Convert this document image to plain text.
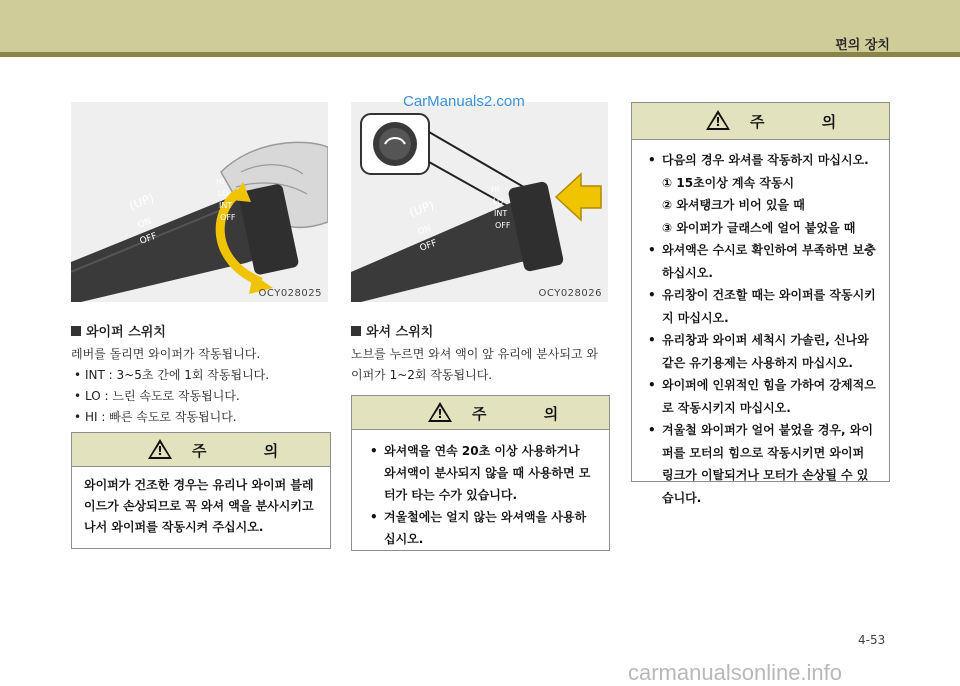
편의 장치
(UP)
ON
OFF
HI
LO
INT
OFF
OCY028025
(UP)
ON
OFF
HI
LO
INT
OFF
OCY028026
CarManuals2.com
와이퍼 스위치
레버를 돌리면 와이퍼가 작동됩니다.
• INT : 3~5초 간에 1회 작동됩니다.
• LO : 느린 속도로 작동됩니다.
• HI : 빠른 속도로 작동됩니다.
!	주 의
와이퍼가 건조한 경우는 유리나 와이퍼 블레이드가 손상되므로 꼭 와셔 액을 분사시키고 나서 와이퍼를 작동시켜 주십시오.
와셔 스위치
노브를 누르면 와셔 액이 앞 유리에 분사되고 와이퍼가 1~2회 작동됩니다.
!	주 의
• 와셔액을 연속 20초 이상 사용하거나 와셔액이 분사되지 않을 때 사용하면 모터가 타는 수가 있습니다.
• 겨울철에는 얼지 않는 와셔액을 사용하십시오.
!	주 의
• 다음의 경우 와셔를 작동하지 마십시오.
① 15초이상 계속 작동시
② 와셔탱크가 비어 있을 때
③ 와이퍼가 글래스에 얼어 붙었을 때
• 와셔액은 수시로 확인하여 부족하면 보충하십시오.
• 유리창이 건조할 때는 와이퍼를 작동시키지 마십시오.
• 유리창과 와이퍼 세척시 가솔린, 신나와 같은 유기용제는 사용하지 마십시오.
• 와이퍼에 인위적인 힘을 가하여 강제적으로 작동시키지 마십시오.
• 겨울철 와이퍼가 얼어 붙었을 경우, 와이퍼를 모터의 힘으로 작동시키면 와이퍼 링크가 이탈되거나 모터가 손상될 수 있습니다.
4-53
carmanualsonline.info
